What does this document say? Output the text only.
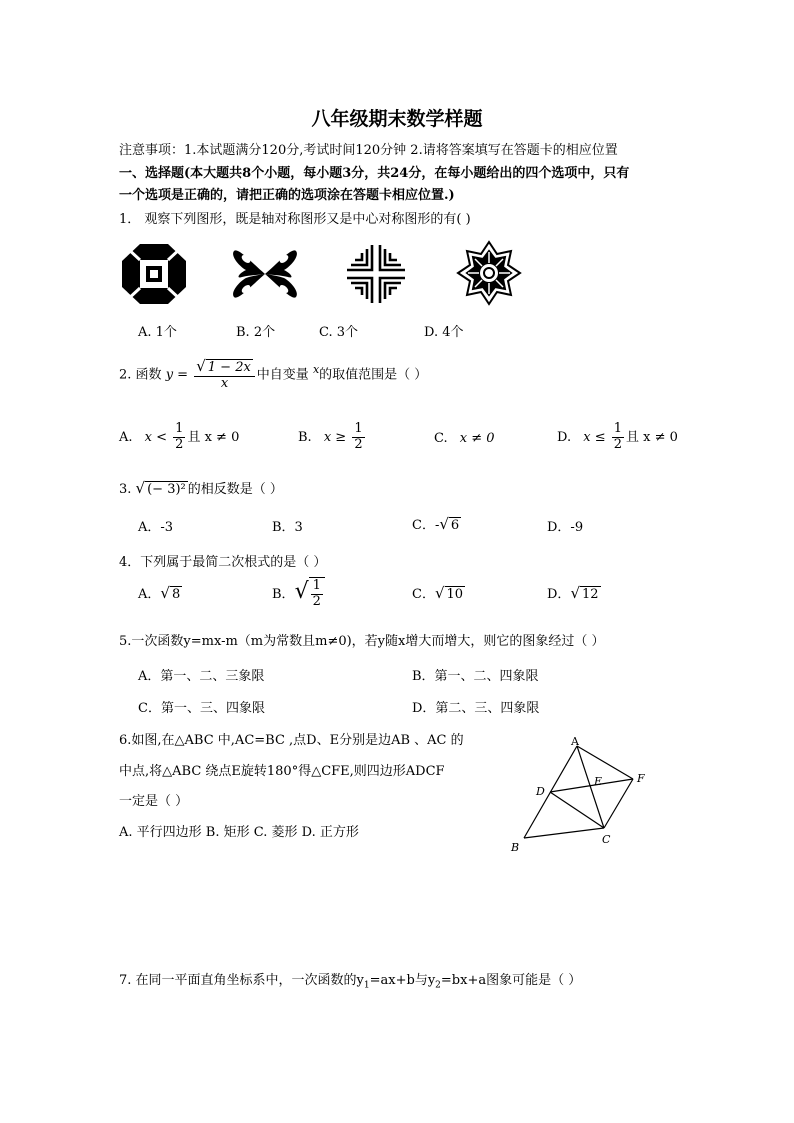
八年级期末数学样题
注意事项：1.本试题满分120分,考试时间120分钟 2.请将答案填写在答题卡的相应位置
一、选择题(本大题共8个小题，每小题3分，共24分，在每小题给出的四个选项中，只有
一个选项是正确的，请把正确的选项涂在答题卡相应位置.)
1． 观察下列图形，既是轴对称图形又是中心对称图形的有( )
A. 1个	B. 2个	C. 3个	D. 4个
2. 函数 $y = \frac{√ 1 - 2x}{x}$ 中自变量 $^x$的取值范围是（ ）
A. $x < \frac{1}{2}$ 且 x ≠ 0	B. $x \ge \frac{1}{2}$	C. x ≠ 0	D. $x \le \frac{1}{2}$ 且 x ≠ 0
3. √ (− 3)² 的相反数是（ ）
A．-3	B．3	C．-√ 6	D．-9
4．下列属于最简二次根式的是（ ）
A．√ 8	B．√ $\frac{1}{2}$	C．√ 10	D．√ 12
5.一次函数y=mx-m（m为常数且m≠0)，若y随x增大而增大，则它的图象经过（ ）
A．第一、二、三象限	B．第一、二、四象限
C．第一、三、四象限	D．第二、三、四象限
6.如图,在△ABC 中,AC=BC ,点D、E分别是边AB 、AC 的
中点,将△ABC 绕点E旋转180°得△CFE,则四边形ADCF
一定是（ ）
A. 平行四边形 B. 矩形 C. 菱形 D. 正方形
A
B
C
D
E	F
7. 在同一平面直角坐标系中，一次函数的$y_1=ax+b$与$y_2=bx+a$图象可能是（ ）
